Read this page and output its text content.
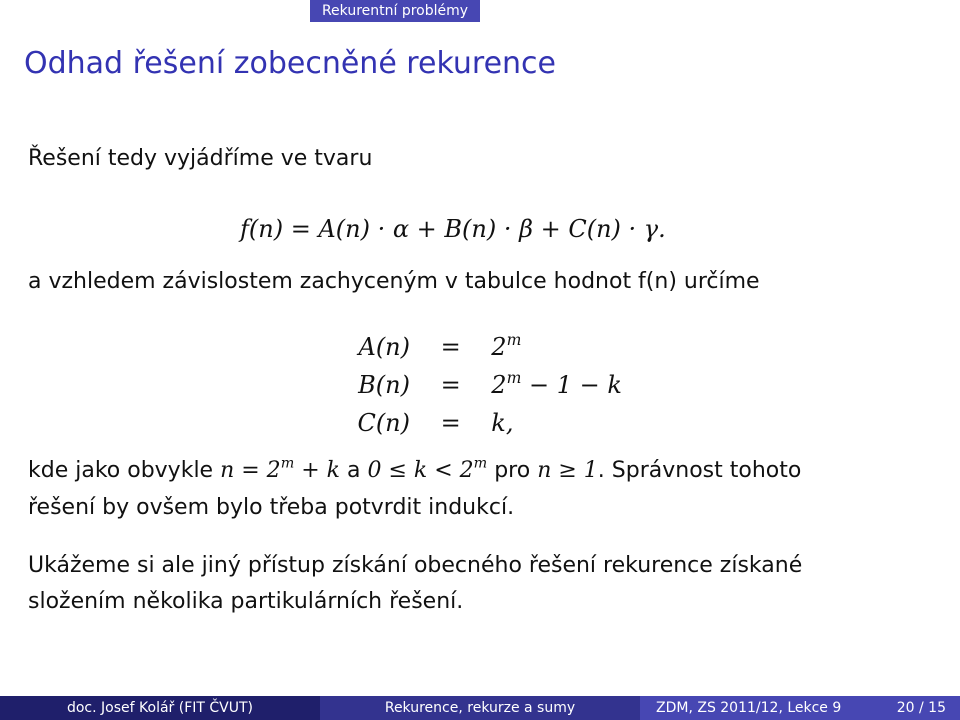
Rekurentní problémy
Odhad řešení zobecněné rekurence
Řešení tedy vyjádříme ve tvaru
f(n) = A(n) · α + B(n) · β + C(n) · γ.
a vzhledem závislostem zachyceným v tabulce hodnot f(n) určíme
$A(n) = 2^m$
$B(n) = 2^m - 1 - k$
C(n) = k,
kde jako obvykle $n = 2^m + k$ a $0 \le k < 2^m$ pro n ≥ 1. Správnost tohoto
řešení by ovšem bylo třeba potvrdit indukcí.
Ukážeme si ale jiný přístup získání obecného řešení rekurence získané
složením několika partikulárních řešení.
doc. Josef Kolář (FIT ČVUT)	Rekurence, rekurze a sumy	ZDM, ZS 2011/12, Lekce 9	20 / 15
